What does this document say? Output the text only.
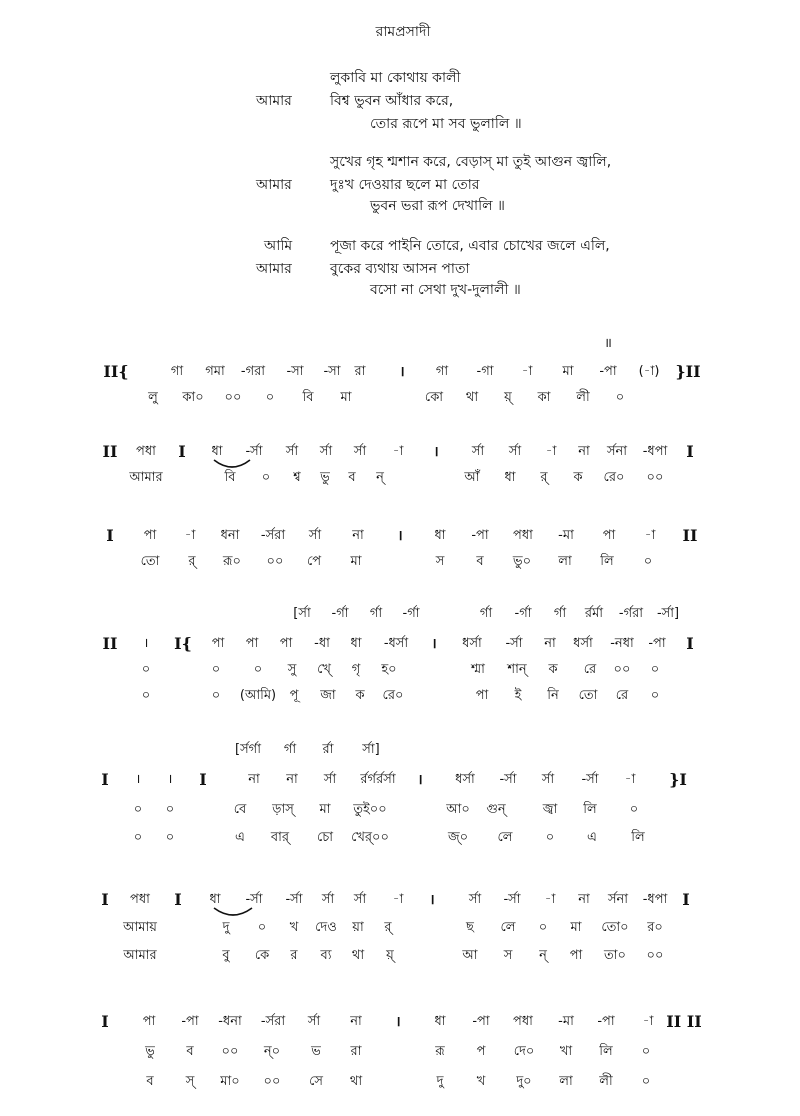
রামপ্রসাদী
লুকাবি মা কোথায় কালী
আমার	বিশ্ব ভুবন আঁধার করে,
তোর রূপে মা সব ভুলালি ॥
সুখের গৃহ শ্মশান করে, বেড়াস্‌ মা তুই আগুন জ্বালি,
আমার	দুঃখ দেওয়ার ছলে মা তোর
ভুবন ভরা রূপ দেখালি ॥
আমি	পূজা করে পাইনি তোরে, এবার চোখের জলে এলি,
আমার	বুকের ব্যথায় আসন পাতা
বসো না সেথা দুখ-দুলালী ॥
॥
II{	গা গমা -গরা -সা -সা রা । গা -গা -া মা -পা (-া) }II
লু কা০ ০০ ০ বি মা	কো থা য়্ কা লী ০
II পধা I ধা -র্সা র্সা র্সা র্সা -া ।	র্সা র্সা -া না র্সনা -ধপা I
আমার	বি ০ শ্ব ভু ব ন্	আঁ ধা র্ ক রে০ ০০
I পা -া ধনা -র্সরা র্সা না । ধা -পা পধা -মা পা -া II
তো র্ রূ০ ০০ পে মা	স ব ভু০ লা লি ০
[র্সা -র্গা র্গা -র্গা	র্গা -র্গা র্গা র্রর্মা -র্গরা -র্সা]
II । I{ পা পা পা -ধা ধা -ধর্সা । ধর্সা -র্সা না ধর্সা -নধা -পা I
০	০	০ সু খে্ গৃ হ০	শ্মা শান্ ক রে ০০ ০
০	০ (আমি) পূ জা ক রে০	পা ই নি তো রে ০
[র্সর্গা র্গা র্রা র্সা]
I । । I	না না র্সা র্রর্গর্রর্সা ।	ধর্সা -র্সা র্সা -র্সা -া }I
০ ০	বে ড়াস্‌ মা তুই০০	আ০ গুন্	জ্বা লি	০
০ ০	এ বার্ চো খের্০০	জ্০ লে	০	এ	লি
I পধা I ধা -র্সা -র্সা র্সা র্সা -া ।	র্সা -র্সা -া না র্সনা -ধপা I
আমায়	দু ০ খ দেও য়া র্	ছ লে ০ মা তো০ র০
আমার	বু কে র ব্য থা য়্	আ স ন্ পা তা০ ০০
I	পা -পা -ধনা -র্সরা র্সা না ।	ধা -পা পধা -মা -পা -া II II
ভু ব ০০ ন্০ ভ রা	রূ প দে০ খা লি ০
ব স্ মা০ ০০ সে থা	দু	খ দু০ লা লী ০
